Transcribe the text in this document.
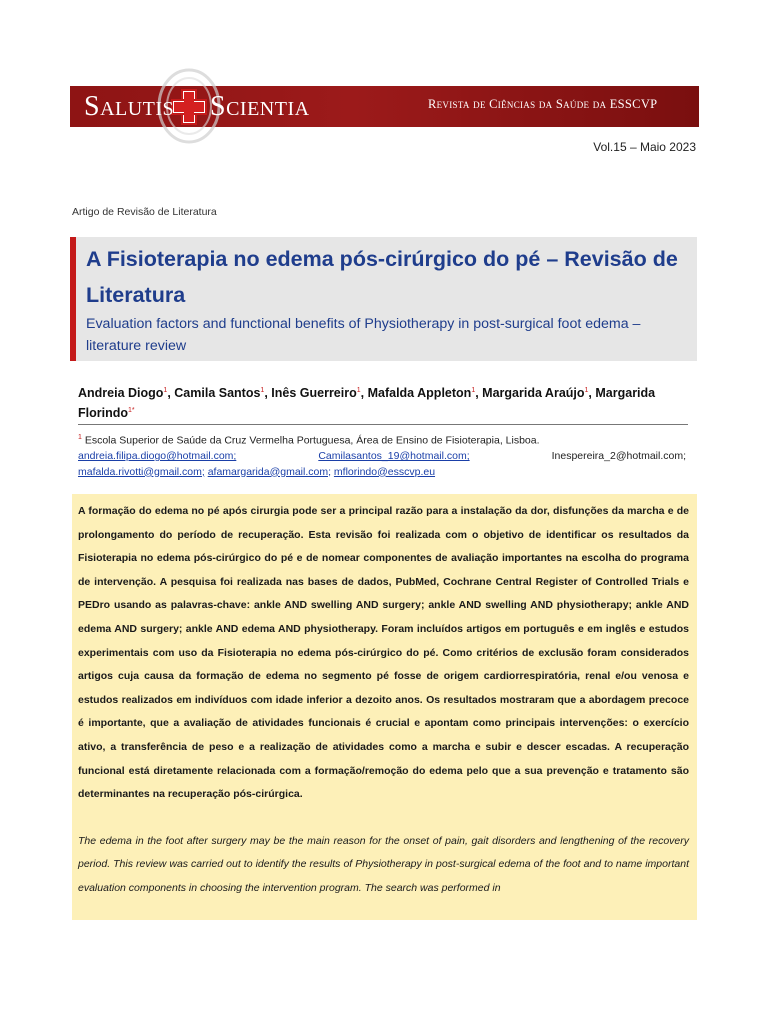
Salutis Scientia	Revista de Ciências da Saúde da ESSCVP
Vol.15 – Maio 2023
Artigo de Revisão de Literatura
A Fisioterapia no edema pós-cirúrgico do pé – Revisão de Literatura
Evaluation factors and functional benefits of Physiotherapy in post-surgical foot edema – literature review
Andreia Diogo$^1$, Camila Santos$^1$, Inês Guerreiro$^1$, Mafalda Appleton$^1$, Margarida Araújo$^1$, Margarida Florindo$^{1*}$
$^1$ Escola Superior de Saúde da Cruz Vermelha Portuguesa, Área de Ensino de Fisioterapia, Lisboa.
andreia.filipa.diogo@hotmail.com;	Camilasantos_19@hotmail.com;	Inespereira_2@hotmail.com;
mafalda.rivotti@gmail.com; afamargarida@gmail.com; mflorindo@esscvp.eu

A formação do edema no pé após cirurgia pode ser a principal razão para a instalação da dor, disfunções da marcha e de prolongamento do período de recuperação. Esta revisão foi realizada com o objetivo de identificar os resultados da Fisioterapia no edema pós-cirúrgico do pé e de nomear componentes de avaliação importantes na escolha do programa de intervenção. A pesquisa foi realizada nas bases de dados, PubMed, Cochrane Central Register of Controlled Trials e PEDro usando as palavras-chave: ankle AND swelling AND surgery; ankle AND swelling AND physiotherapy; ankle AND edema AND surgery; ankle AND edema AND physiotherapy. Foram incluídos artigos em português e em inglês e estudos experimentais com uso da Fisioterapia no edema pós-cirúrgico do pé. Como critérios de exclusão foram considerados artigos cuja causa da formação de edema no segmento pé fosse de origem cardiorrespiratória, renal e/ou venosa e estudos realizados em indivíduos com idade inferior a dezoito anos. Os resultados mostraram que a abordagem precoce é importante, que a avaliação de atividades funcionais é crucial e apontam como principais intervenções: o exercício ativo, a transferência de peso e a realização de atividades como a marcha e subir e descer escadas. A recuperação funcional está diretamente relacionada com a formação/remoção do edema pelo que a sua prevenção e tratamento são determinantes na recuperação pós-cirúrgica.

The edema in the foot after surgery may be the main reason for the onset of pain, gait disorders and lengthening of the recovery period. This review was carried out to identify the results of Physiotherapy in post-surgical edema of the foot and to name important evaluation components in choosing the intervention program. The search was performed in
